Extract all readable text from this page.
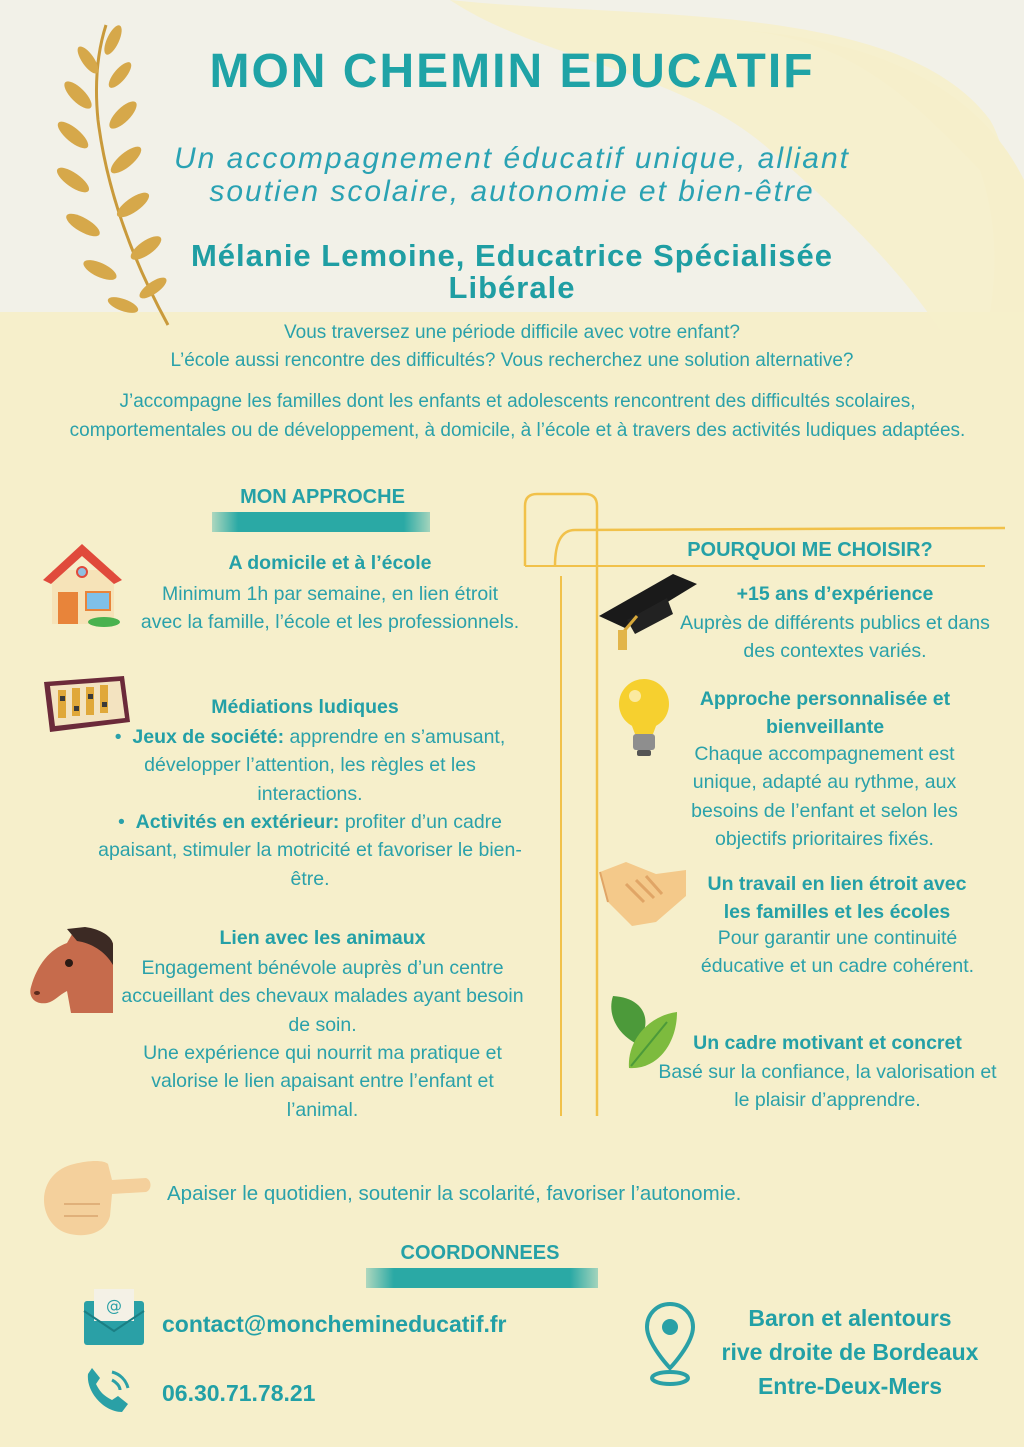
MON CHEMIN EDUCATIF
Un accompagnement éducatif unique, alliant
soutien scolaire, autonomie et bien-être
Mélanie Lemoine, Educatrice Spécialisée
Libérale
Vous traversez une période difficile avec votre enfant?
L’école aussi rencontre des difficultés? Vous recherchez une solution alternative?
J’accompagne les familles dont les enfants et adolescents rencontrent des difficultés scolaires, comportementales ou de développement, à domicile, à l’école et à travers des activités ludiques adaptées.
MON APPROCHE
A domicile et à l’école
Minimum 1h par semaine, en lien étroit avec la famille, l’école et les professionnels.
Médiations ludiques
•  Jeux de société: apprendre en s’amusant, développer l’attention, les règles et les interactions.
•  Activités en extérieur: profiter d’un cadre apaisant, stimuler la motricité et favoriser le bien-être.
Lien avec les animaux
Engagement bénévole auprès d’un centre accueillant des chevaux malades ayant besoin de soin.
Une expérience qui nourrit ma pratique et valorise le lien apaisant entre l’enfant et l’animal.
POURQUOI ME CHOISIR?
+15 ans d’expérience
Auprès de différents publics et dans des contextes variés.
Approche personnalisée et bienveillante
Chaque accompagnement est unique, adapté au rythme, aux besoins de l’enfant et selon les objectifs prioritaires fixés.
Un travail en lien étroit avec les familles et les écoles
Pour garantir une continuité éducative et un cadre cohérent.
Un cadre motivant et concret
Basé sur la confiance, la valorisation et le plaisir d’apprendre.
Apaiser le quotidien, soutenir la scolarité, favoriser l’autonomie.
COORDONNEES
@
contact@moncheminеducatif.fr
06.30.71.78.21
Baron et alentours
rive droite de Bordeaux
Entre-Deux-Mers
